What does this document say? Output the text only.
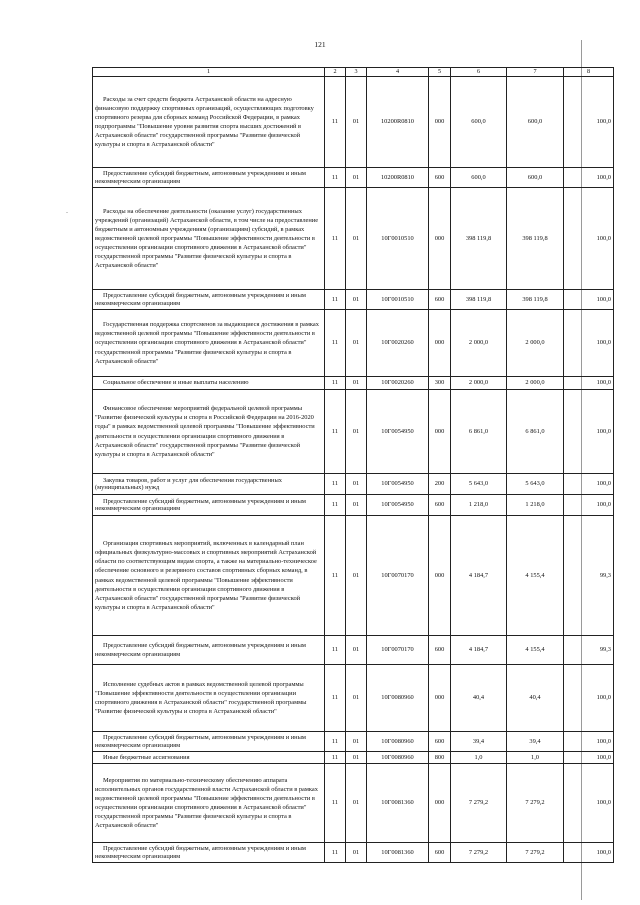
121
-
1	2	3	4	5	6	7	8

Расходы за счет средств бюджета Астраханской области на адресную финансовую поддержку спортивных организаций, осуществляющих подготовку спортивного резерва для сборных команд Российской Федерации, в рамках подпрограммы "Повышение уровня развития спорта высших достижений в Астраханской области" государственной программы "Развитие физической культуры и спорта в Астраханской области"	11	01	10200R0810	000	600,0	600,0	100,0

Предоставление субсидий бюджетным, автономным учреждениям и иным некоммерческим организациям	11	01	10200R0810	600	600,0	600,0	100,0

Расходы на обеспечение деятельности (оказание услуг) государственных учреждений (организаций) Астраханской области, в том числе на предоставление бюджетным и автономным учреждениям (организациям) субсидий, в рамках ведомственной целевой программы "Повышение эффективности деятельности в осуществлении организации спортивного движения в Астраханской области" государственной программы "Развитие физической культуры и спорта в Астраханской области"	11	01	10Г0010510	000	398 119,8	398 119,8	100,0

Предоставление субсидий бюджетным, автономным учреждениям и иным некоммерческим организациям	11	01	10Г0010510	600	398 119,8	398 119,8	100,0

Государственная поддержка спортсменов за выдающиеся достижения в рамках ведомственной целевой программы "Повышение эффективности деятельности в осуществлении организации спортивного движения в Астраханской области" государственной программы "Развитие физической культуры и спорта в Астраханской области"	11	01	10Г0020260	000	2 000,0	2 000,0	100,0

Социальное обеспечение и иные выплаты населению	11	01	10Г0020260	300	2 000,0	2 000,0	100,0

Финансовое обеспечение мероприятий федеральной целевой программы "Развитие физической культуры и спорта в Российской Федерации на 2016-2020 годы" в рамках ведомственной целевой программы "Повышение эффективности деятельности в осуществлении организации спортивного движения в Астраханской области" государственной программы "Развитие физической культуры и спорта в Астраханской области"	11	01	10Г0054950	000	6 861,0	6 861,0	100,0

Закупка товаров, работ и услуг для обеспечения государственных (муниципальных) нужд	11	01	10Г0054950	200	5 643,0	5 643,0	100,0

Предоставление субсидий бюджетным, автономным учреждениям и иным некоммерческим организациям	11	01	10Г0054950	600	1 218,0	1 218,0	100,0

Организация спортивных мероприятий, включенных в календарный план официальных физкультурно-массовых и спортивных мероприятий Астраханской области по соответствующим видам спорта, а также на материально-техническое обеспечение основного и резервного составов спортивных сборных команд, в рамках ведомственной целевой программы "Повышение эффективности деятельности в осуществлении организации спортивного движения в Астраханской области" государственной программы "Развитие физической культуры и спорта в Астраханской области"	11	01	10Г0070170	000	4 184,7	4 155,4	99,3

Предоставление субсидий бюджетным, автономным учреждениям и иным некоммерческим организациям	11	01	10Г0070170	600	4 184,7	4 155,4	99,3

Исполнение судебных актов в рамках ведомственной целевой программы "Повышение эффективности деятельности в осуществлении организации спортивного движения в Астраханской области" государственной программы "Развитие физической культуры и спорта в Астраханской области"	11	01	10Г0080960	000	40,4	40,4	100,0

Предоставление субсидий бюджетным, автономным учреждениям и иным некоммерческим организациям	11	01	10Г0080960	600	39,4	39,4	100,0

Иные бюджетные ассигнования	11	01	10Г0080960	800	1,0	1,0	100,0

Мероприятия по материально-техническому обеспечению аппарата исполнительных органов государственной власти Астраханской области в рамках ведомственной целевой программы "Повышение эффективности деятельности в осуществлении организации спортивного движения в Астраханской области" государственной программы "Развитие физической культуры и спорта в Астраханской области"	11	01	10Г0081360	000	7 279,2	7 279,2	100,0

Предоставление субсидий бюджетным, автономным учреждениям и иным некоммерческим организациям	11	01	10Г0081360	600	7 279,2	7 279,2	100,0
